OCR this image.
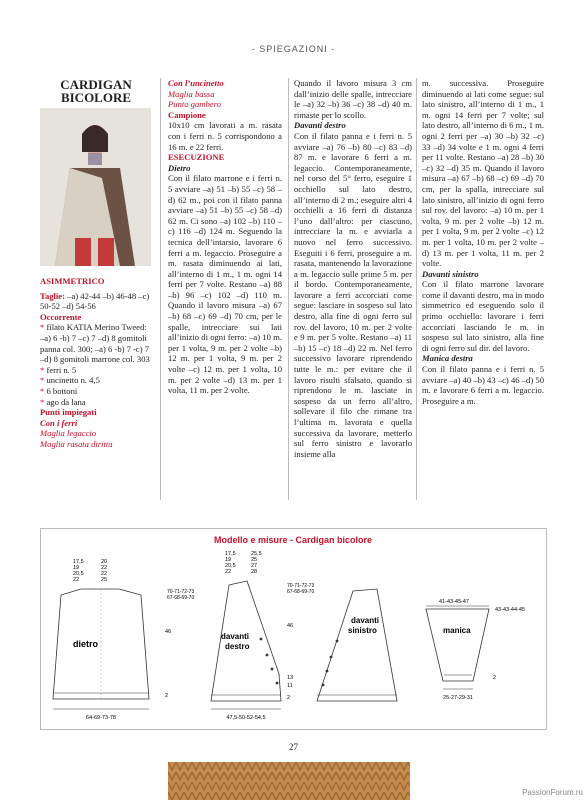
- SPIEGAZIONI -
CARDIGAN
BICOLORE

ASIMMETRICO

Taglie: –a) 42-44 –b) 46-48 –c) 50-52 –d) 54-56

Occorrente

* filato KATIA Merino Tweed: –a) 6 -b) 7 –c) 7 –d) 8 gomitoli panna col. 300; –a) 6 -b) 7 -c) 7 –d) 8 gomitoli marrone col. 303

* ferri n. 5

* uncinetto n. 4,5

* 6 bottoni

* ago da lana

Punti impiegati

Con i ferri

Maglia legaccio

Maglia rasata diritta

Con l’uncinetto

Maglia bassa

Punto gambero

Campione

10x10 cm lavorati a m. rasata con i ferri n. 5 corrispondono a 16 m. e 22 ferri.

ESECUZIONE

Dietro

Con il filato marrone e i ferri n. 5 avviare –a) 51 –b) 55 –c) 58 –d) 62 m., poi con il filato panna avviare –a) 51 –b) 55 –c) 58 –d) 62 m. Ci sono –a) 102 –b) 110 –c) 116 –d) 124 m. Seguendo la tecnica dell’intarsio, lavorare 6 ferri a m. legaccio. Proseguire a m. rasata diminuendo ai lati, all’interno di 1 m., 1 m. ogni 14 ferri per 7 volte. Restano –a) 88 –b) 96 –c) 102 –d) 110 m. Quando il lavoro misura –a) 67 –b) 68 –c) 69 –d) 70 cm, per le spalle, intrecciare sui lati all’inizio di ogni ferro: –a) 10 m. per 1 volta, 9 m. per 2 volte –b) 12 m. per 1 volta, 9 m. per 2 volte –c) 12 m. per 1 volta, 10 m. per 2 volte –d) 13 m. per 1 volta, 11 m. per 2 volte.

Quando il lavoro misura 3 cm dall’inizio delle spalle, intrecciare le –a) 32 –b) 36 –c) 38 –d) 40 m. rimaste per lo scollo.

Davanti destro

Con il filato panna e i ferri n. 5 avviare –a) 76 –b) 80 –c) 83 –d) 87 m. e lavorare 6 ferri a m. legaccio. Contemporaneamente, nel corso del 5° ferro, eseguire 1 occhiello sul lato destro, all’interno di 2 m.; eseguire altri 4 occhielli a 16 ferri di distanza l’uno dall’altro: per ciascuno, intrecciare la m. e avviarla a nuovo nel ferro successivo. Eseguiti i 6 ferri, proseguire a m. rasata, mantenendo la lavorazione a m. legaccio sulle prime 5 m. per il bordo. Contemporaneamente, lavorare a ferri accorciati come segue: lasciare in sospeso sul lato destro, alla fine di ogni ferro sul rov. del lavoro, 10 m. per 2 volte e 9 m. per 5 volte. Restano –a) 11 –b) 15 –c) 18 –d) 22 m. Nel ferro successivo lavorare riprendendo tutte le m.: per evitare che il lavoro risulti sfalsato, quando si riprendono le m. lasciate in sospeso da un ferro all’altro, sollevare il filo che rimane tra l’ultima m. lavorata e quella successiva da lavorare, metterlo sul ferro sinistro e lavorarlo insieme alla

m. successiva. Proseguire diminuendo ai lati come segue: sul lato sinistro, all’interno di 1 m., 1 m. ogni 14 ferri per 7 volte; sul lato destro, all’interno di 6 m., 1 m. ogni 2 ferri per –a) 30 –b) 32 –c) 33 –d) 34 volte e 1 m. ogni 4 ferri per 11 volte. Restano –a) 28 –b) 30 –c) 32 –d) 35 m. Quando il lavoro misura –a) 67 –b) 68 –c) 69 –d) 70 cm, per la spalla, intrecciare sul lato sinistro, all’inizio di ogni ferro sul rov. del lavoro: –a) 10 m. per 1 volta, 9 m. per 2 volte –b) 12 m. per 1 volta, 9 m. per 2 volte –c) 12 m. per 1 volta, 10 m. per 2 volte –d) 13 m. per 1 volta, 11 m. per 2 volte.

Davanti sinistro

Con il filato marrone lavorare come il davanti destro, ma in modo simmetrico ed eseguendo solo il primo occhiello: lavorare i ferri accorciati lasciando le m. in sospeso sul lato sinistro, alla fine di ogni ferro sul dir. del lavoro.

Manica destra

Con il filato panna e i ferri n. 5 avviare –a) 40 –b) 43 –c) 46 –d) 50 m. e lavorare 6 ferri a m. legaccio. Proseguire a m.

Modello e misure - Cardigan bicolore
17,5 19 20,5 22
20 22 22 25
dietro
70-71-72-73
67-68-69-70
46
2
64-69-73-78
17,5 19 20,5 22
25,5 25 27 28
davanti
destro
70-71-72-73
67-68-69-70
46
13
11
2
47,5-50-52-54,5
davanti
sinistro
41-43-45-47
manica
43-43-44-45
2
25-27-29-31
27
PassionForum.ru
